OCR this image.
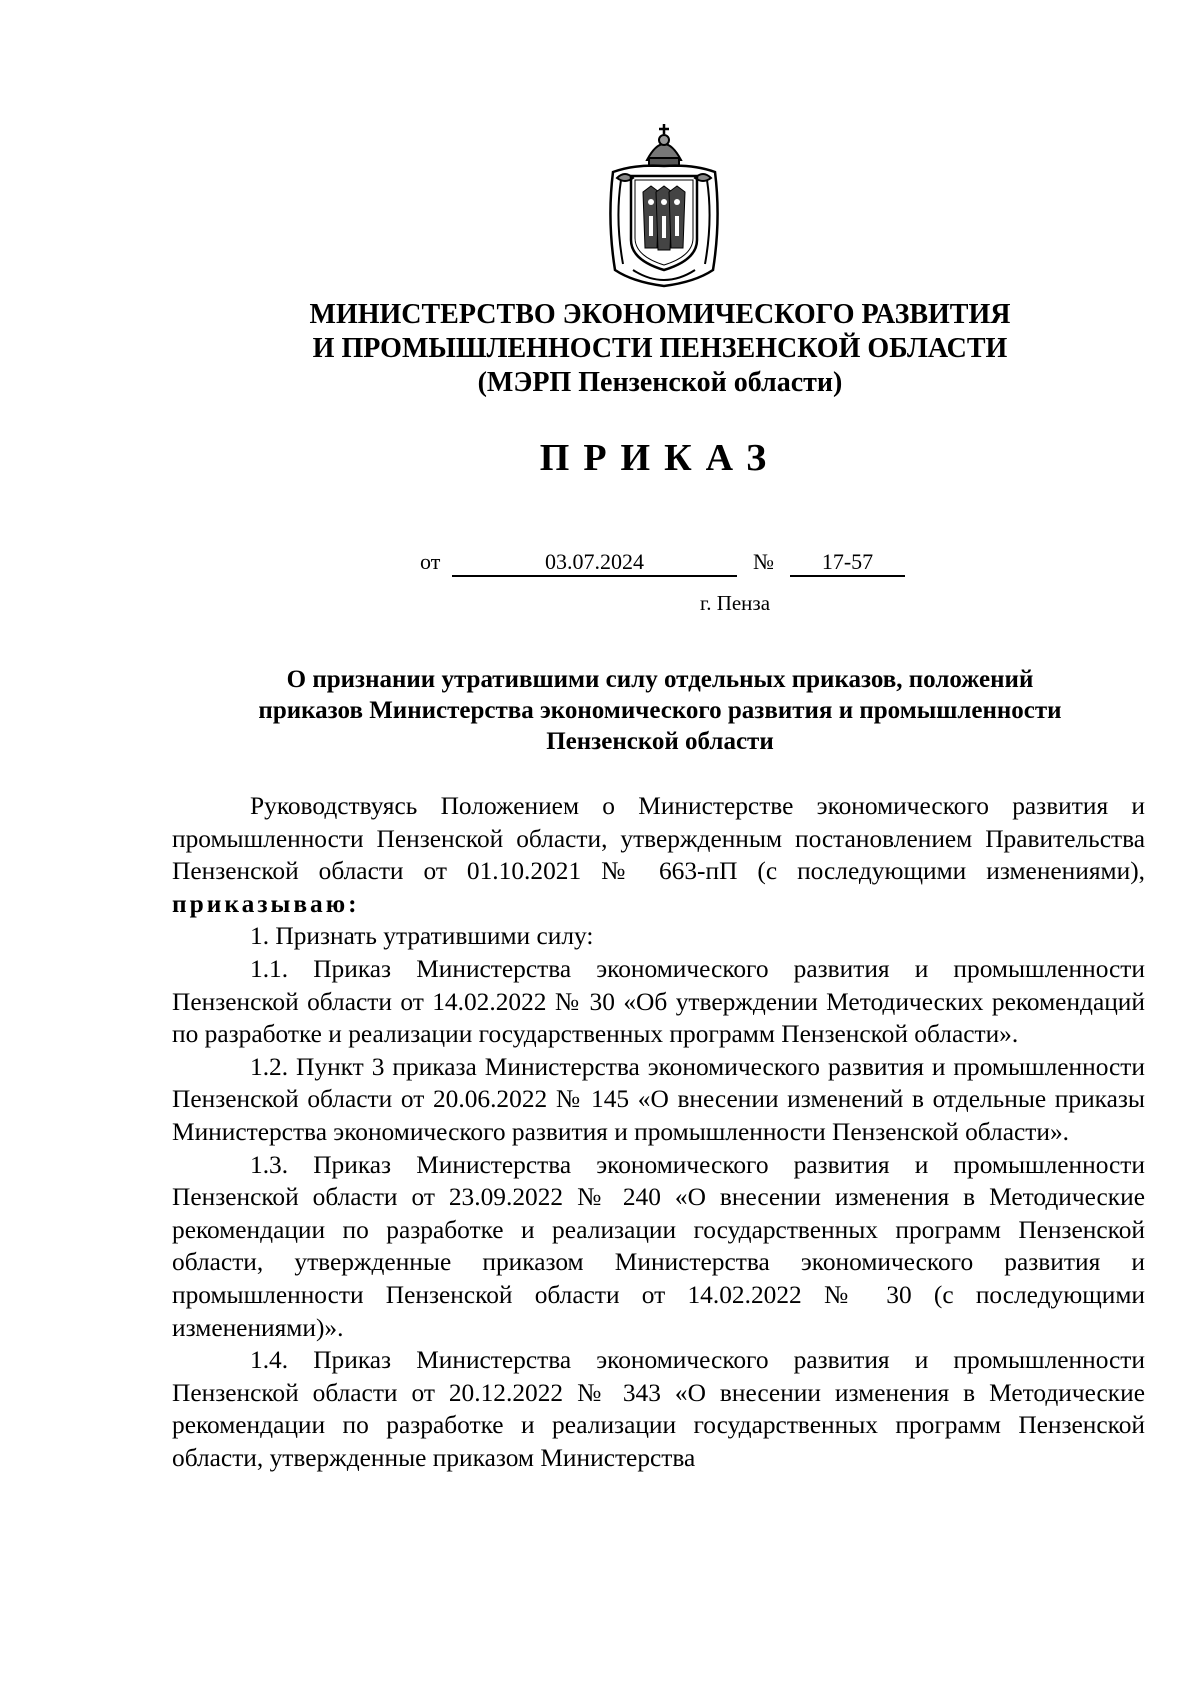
МИНИСТЕРСТВО ЭКОНОМИЧЕСКОГО РАЗВИТИЯ
И ПРОМЫШЛЕННОСТИ ПЕНЗЕНСКОЙ ОБЛАСТИ
(МЭРП Пензенской области)
ПРИКАЗ
от	03.07.2024	№	17-57
г. Пенза
О признании утратившими силу отдельных приказов, положений
приказов Министерства экономического развития и промышленности
Пензенской области

Руководствуясь Положением о Министерстве экономического развития и промышленности Пензенской области, утвержденным постановлением Правительства Пензенской области от 01.10.2021 № 663-пП (с последующими изменениями), приказываю:

1. Признать утратившими силу:

1.1. Приказ Министерства экономического развития и промышленности Пензенской области от 14.02.2022 № 30 «Об утверждении Методических рекомендаций по разработке и реализации государственных программ Пензенской области».

1.2. Пункт 3 приказа Министерства экономического развития и промышленности Пензенской области от 20.06.2022 № 145 «О внесении изменений в отдельные приказы Министерства экономического развития и промышленности Пензенской области».

1.3. Приказ Министерства экономического развития и промышленности Пензенской области от 23.09.2022 № 240 «О внесении изменения в Методические рекомендации по разработке и реализации государственных программ Пензенской области, утвержденные приказом Министерства экономического развития и промышленности Пензенской области от 14.02.2022 № 30 (с последующими изменениями)».

1.4. Приказ Министерства экономического развития и промышленности Пензенской области от 20.12.2022 № 343 «О внесении изменения в Методические рекомендации по разработке и реализации государственных программ Пензенской области, утвержденные приказом Министерства
